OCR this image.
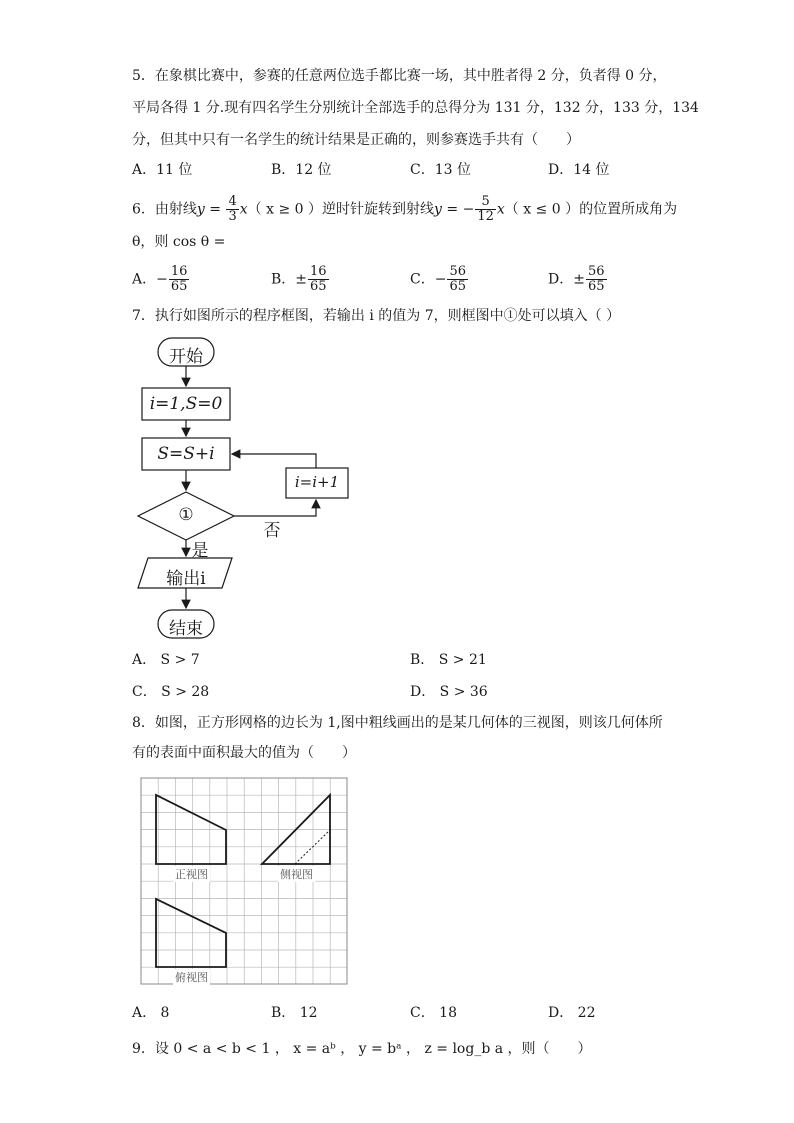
5．在象棋比赛中，参赛的任意两位选手都比赛一场，其中胜者得 2 分，负者得 0 分，
平局各得 1 分.现有四名学生分别统计全部选手的总得分为 131 分，132 分，133 分，134
分，但其中只有一名学生的统计结果是正确的，则参赛选手共有（　　）
A．11 位	B．12 位	C．13 位	D．14 位
6．由射线$y = \frac{4}{3} x$（ x ≥ 0 ）逆时针旋转到射线y = − $\frac{5}{12} x$（ x ≤ 0 ）的位置所成角为
θ，则 cos θ =
A．− $\frac{16}{65}$	B．± $\frac{16}{65}$	C．− $\frac{56}{65}$	D．± $\frac{56}{65}$
7．执行如图所示的程序框图，若输出 i 的值为 7，则框图中①处可以填入（ ）
开始
i=1,S=0
S=S+i
①
i=i+1
否
是
输出i
结束
A． S > 7	B． S > 21
C． S > 28	D． S > 36
8．如图，正方形网格的边长为 1,图中粗线画出的是某几何体的三视图，则该几何体所
有的表面中面积最大的值为（　　）
正视图	侧视图
俯视图
A． 8	B． 12	C． 18	D． 22
9．设 0 < a < b < 1 ， x = aᵇ ， y = bᵃ ， z = log_b a ，则（　　）
